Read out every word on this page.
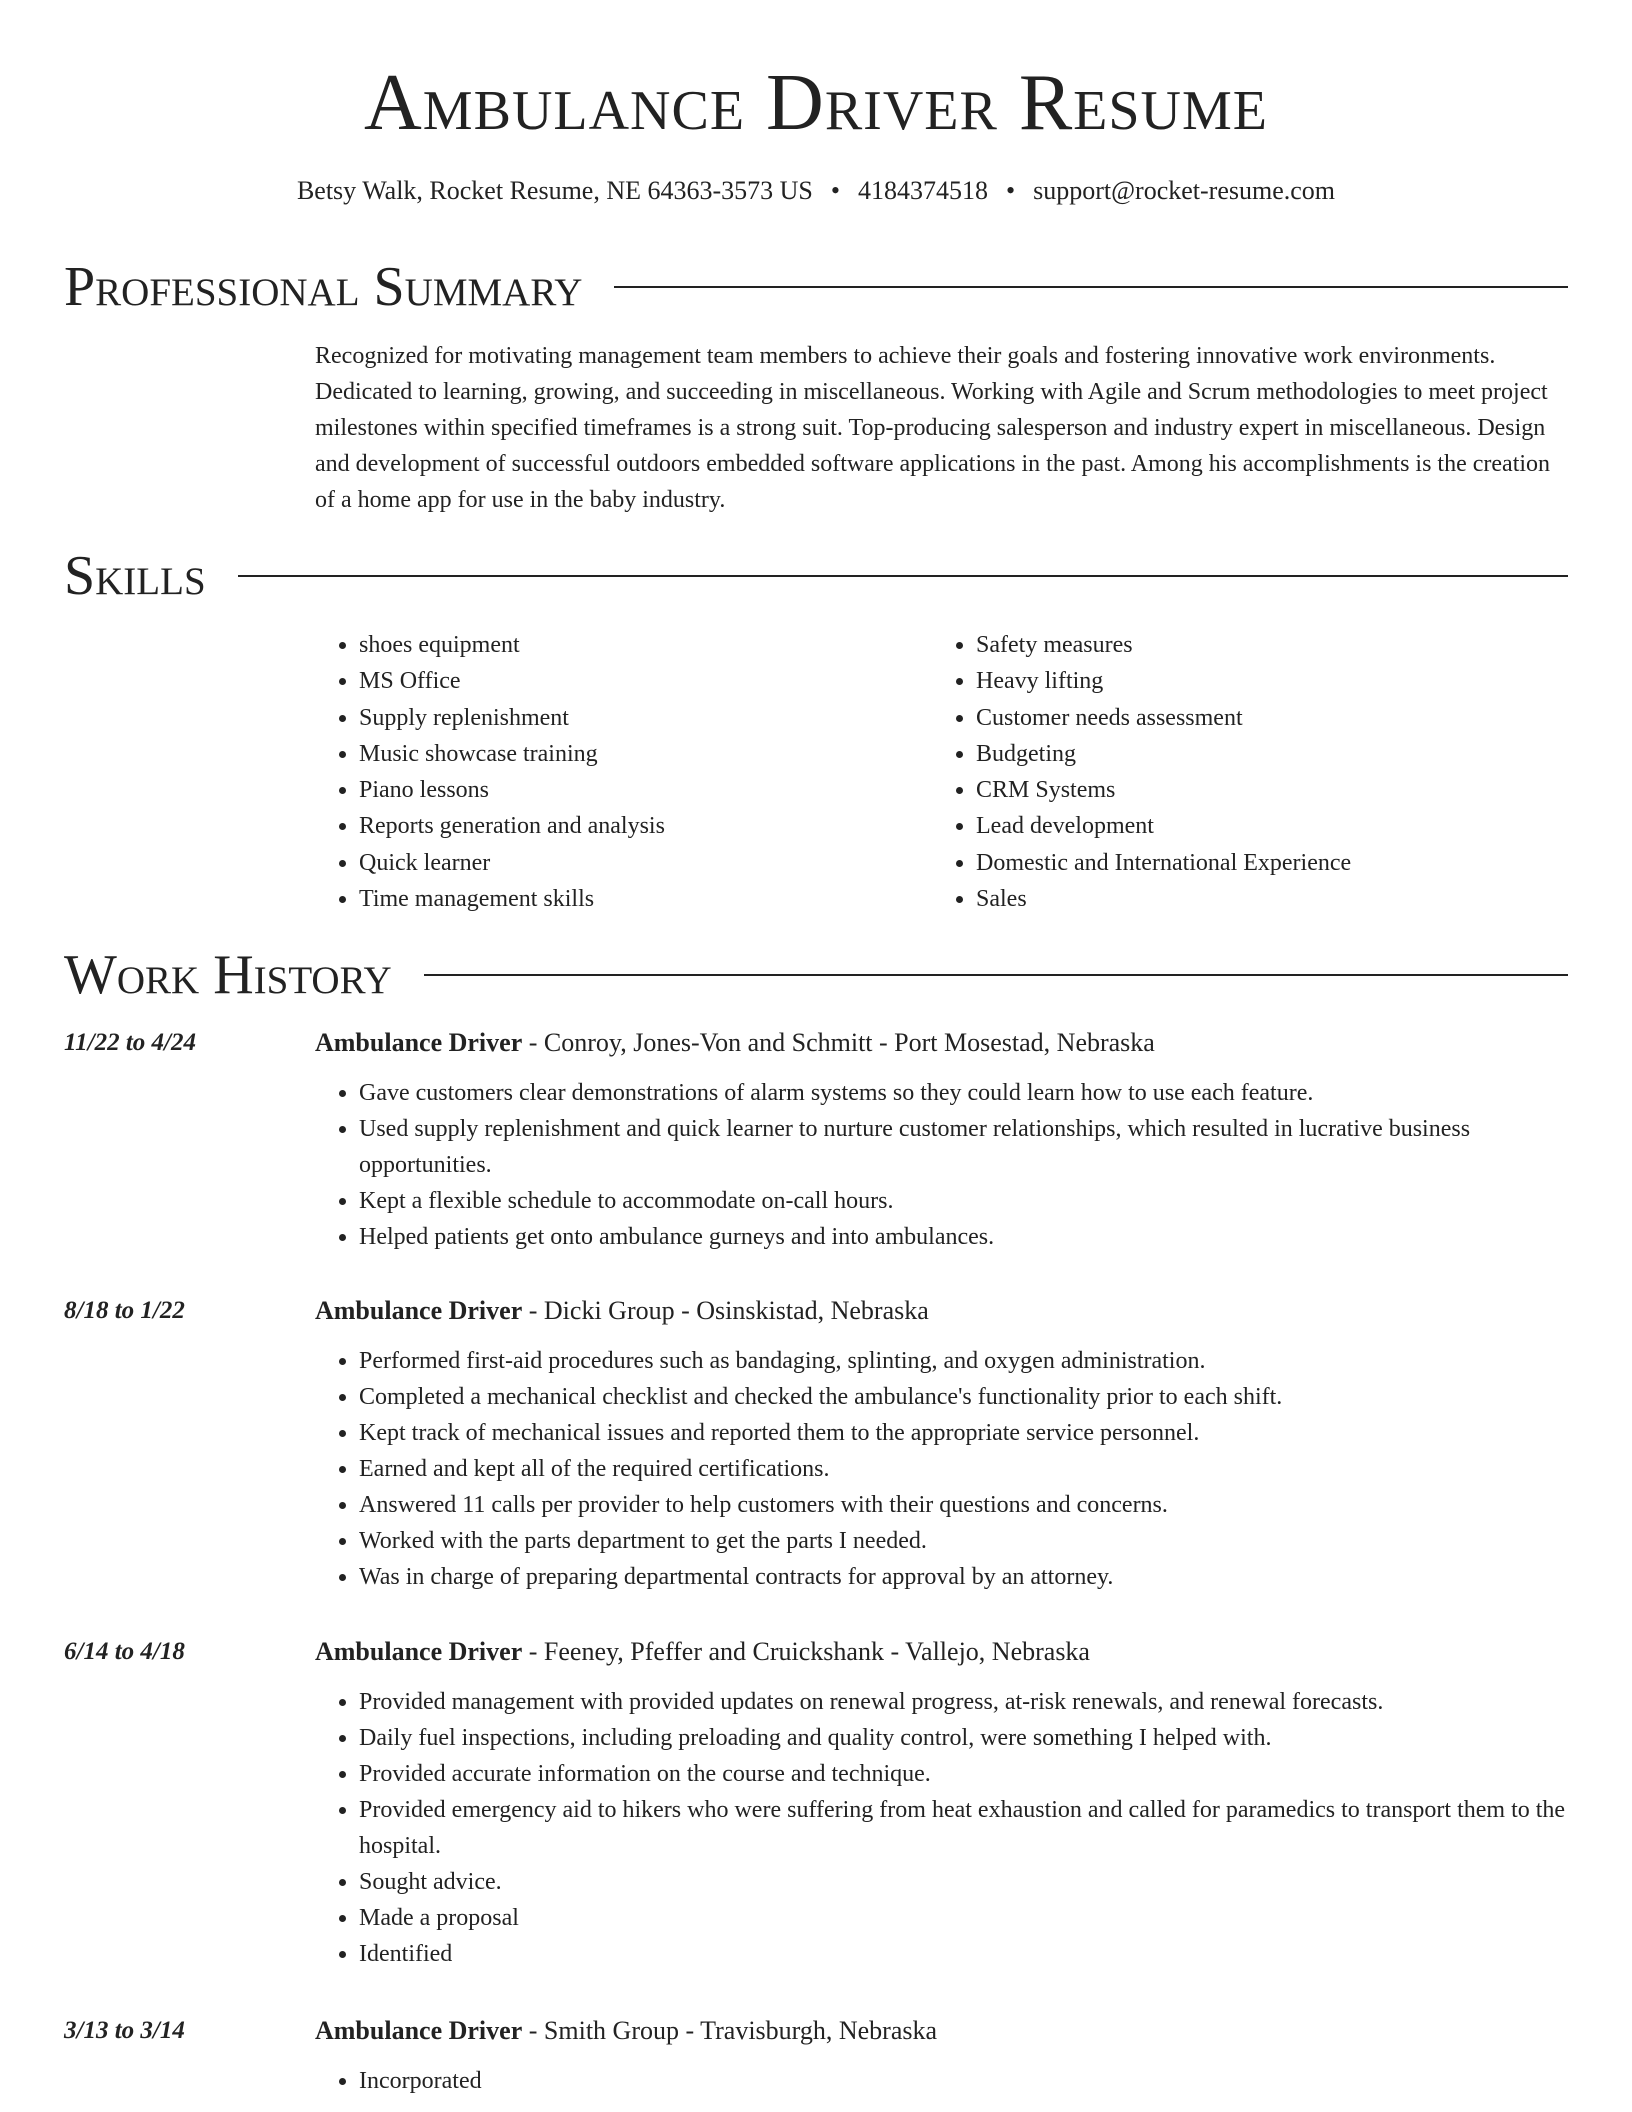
Ambulance Driver Resume
Betsy Walk, Rocket Resume, NE 64363-3573 US • 4184374518 • support@rocket-resume.com
Professional Summary

Recognized for motivating management team members to achieve their goals and fostering innovative work environments. Dedicated to learning, growing, and succeeding in miscellaneous. Working with Agile and Scrum methodologies to meet project milestones within specified timeframes is a strong suit. Top-producing salesperson and industry expert in miscellaneous. Design and development of successful outdoors embedded software applications in the past. Among his accomplishments is the creation of a home app for use in the baby industry.

Skills
• shoes equipment
• MS Office
• Supply replenishment
• Music showcase training
• Piano lessons
• Reports generation and analysis
• Quick learner
• Time management skills
• Safety measures
• Heavy lifting
• Customer needs assessment
• Budgeting
• CRM Systems
• Lead development
• Domestic and International Experience
• Sales
Work History
11/22 to 4/24	Ambulance Driver - Conroy, Jones-Von and Schmitt - Port Mosestad, Nebraska
• Gave customers clear demonstrations of alarm systems so they could learn how to use each feature.
• Used supply replenishment and quick learner to nurture customer relationships, which resulted in lucrative business opportunities.
• Kept a flexible schedule to accommodate on-call hours.
• Helped patients get onto ambulance gurneys and into ambulances.
8/18 to 1/22	Ambulance Driver - Dicki Group - Osinskistad, Nebraska
• Performed first-aid procedures such as bandaging, splinting, and oxygen administration.
• Completed a mechanical checklist and checked the ambulance's functionality prior to each shift.
• Kept track of mechanical issues and reported them to the appropriate service personnel.
• Earned and kept all of the required certifications.
• Answered 11 calls per provider to help customers with their questions and concerns.
• Worked with the parts department to get the parts I needed.
• Was in charge of preparing departmental contracts for approval by an attorney.
6/14 to 4/18	Ambulance Driver - Feeney, Pfeffer and Cruickshank - Vallejo, Nebraska
• Provided management with provided updates on renewal progress, at-risk renewals, and renewal forecasts.
• Daily fuel inspections, including preloading and quality control, were something I helped with.
• Provided accurate information on the course and technique.
• Provided emergency aid to hikers who were suffering from heat exhaustion and called for paramedics to transport them to the hospital.
• Sought advice.
• Made a proposal
• Identified
3/13 to 3/14	Ambulance Driver - Smith Group - Travisburgh, Nebraska
• Incorporated
